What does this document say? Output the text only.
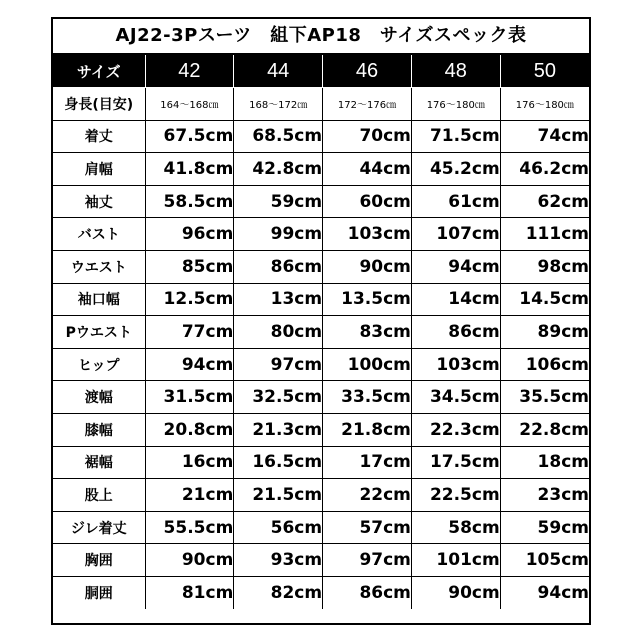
AJ22-3Pスーツ　組下AP18　サイズスペック表
サイズ	42	44	46	48	50
身長(目安)	164～168㎝	168～172㎝	172～176㎝	176～180㎝	176～180㎝
着丈	67.5cm	68.5cm	70cm	71.5cm	74cm
肩幅	41.8cm	42.8cm	44cm	45.2cm	46.2cm
袖丈	58.5cm	59cm	60cm	61cm	62cm
バスト	96cm	99cm	103cm	107cm	111cm
ウエスト	85cm	86cm	90cm	94cm	98cm
袖口幅	12.5cm	13cm	13.5cm	14cm	14.5cm
Pウエスト	77cm	80cm	83cm	86cm	89cm
ヒップ	94cm	97cm	100cm	103cm	106cm
渡幅	31.5cm	32.5cm	33.5cm	34.5cm	35.5cm
膝幅	20.8cm	21.3cm	21.8cm	22.3cm	22.8cm
裾幅	16cm	16.5cm	17cm	17.5cm	18cm
股上	21cm	21.5cm	22cm	22.5cm	23cm
ジレ着丈	55.5cm	56cm	57cm	58cm	59cm
胸囲	90cm	93cm	97cm	101cm	105cm
胴囲	81cm	82cm	86cm	90cm	94cm
